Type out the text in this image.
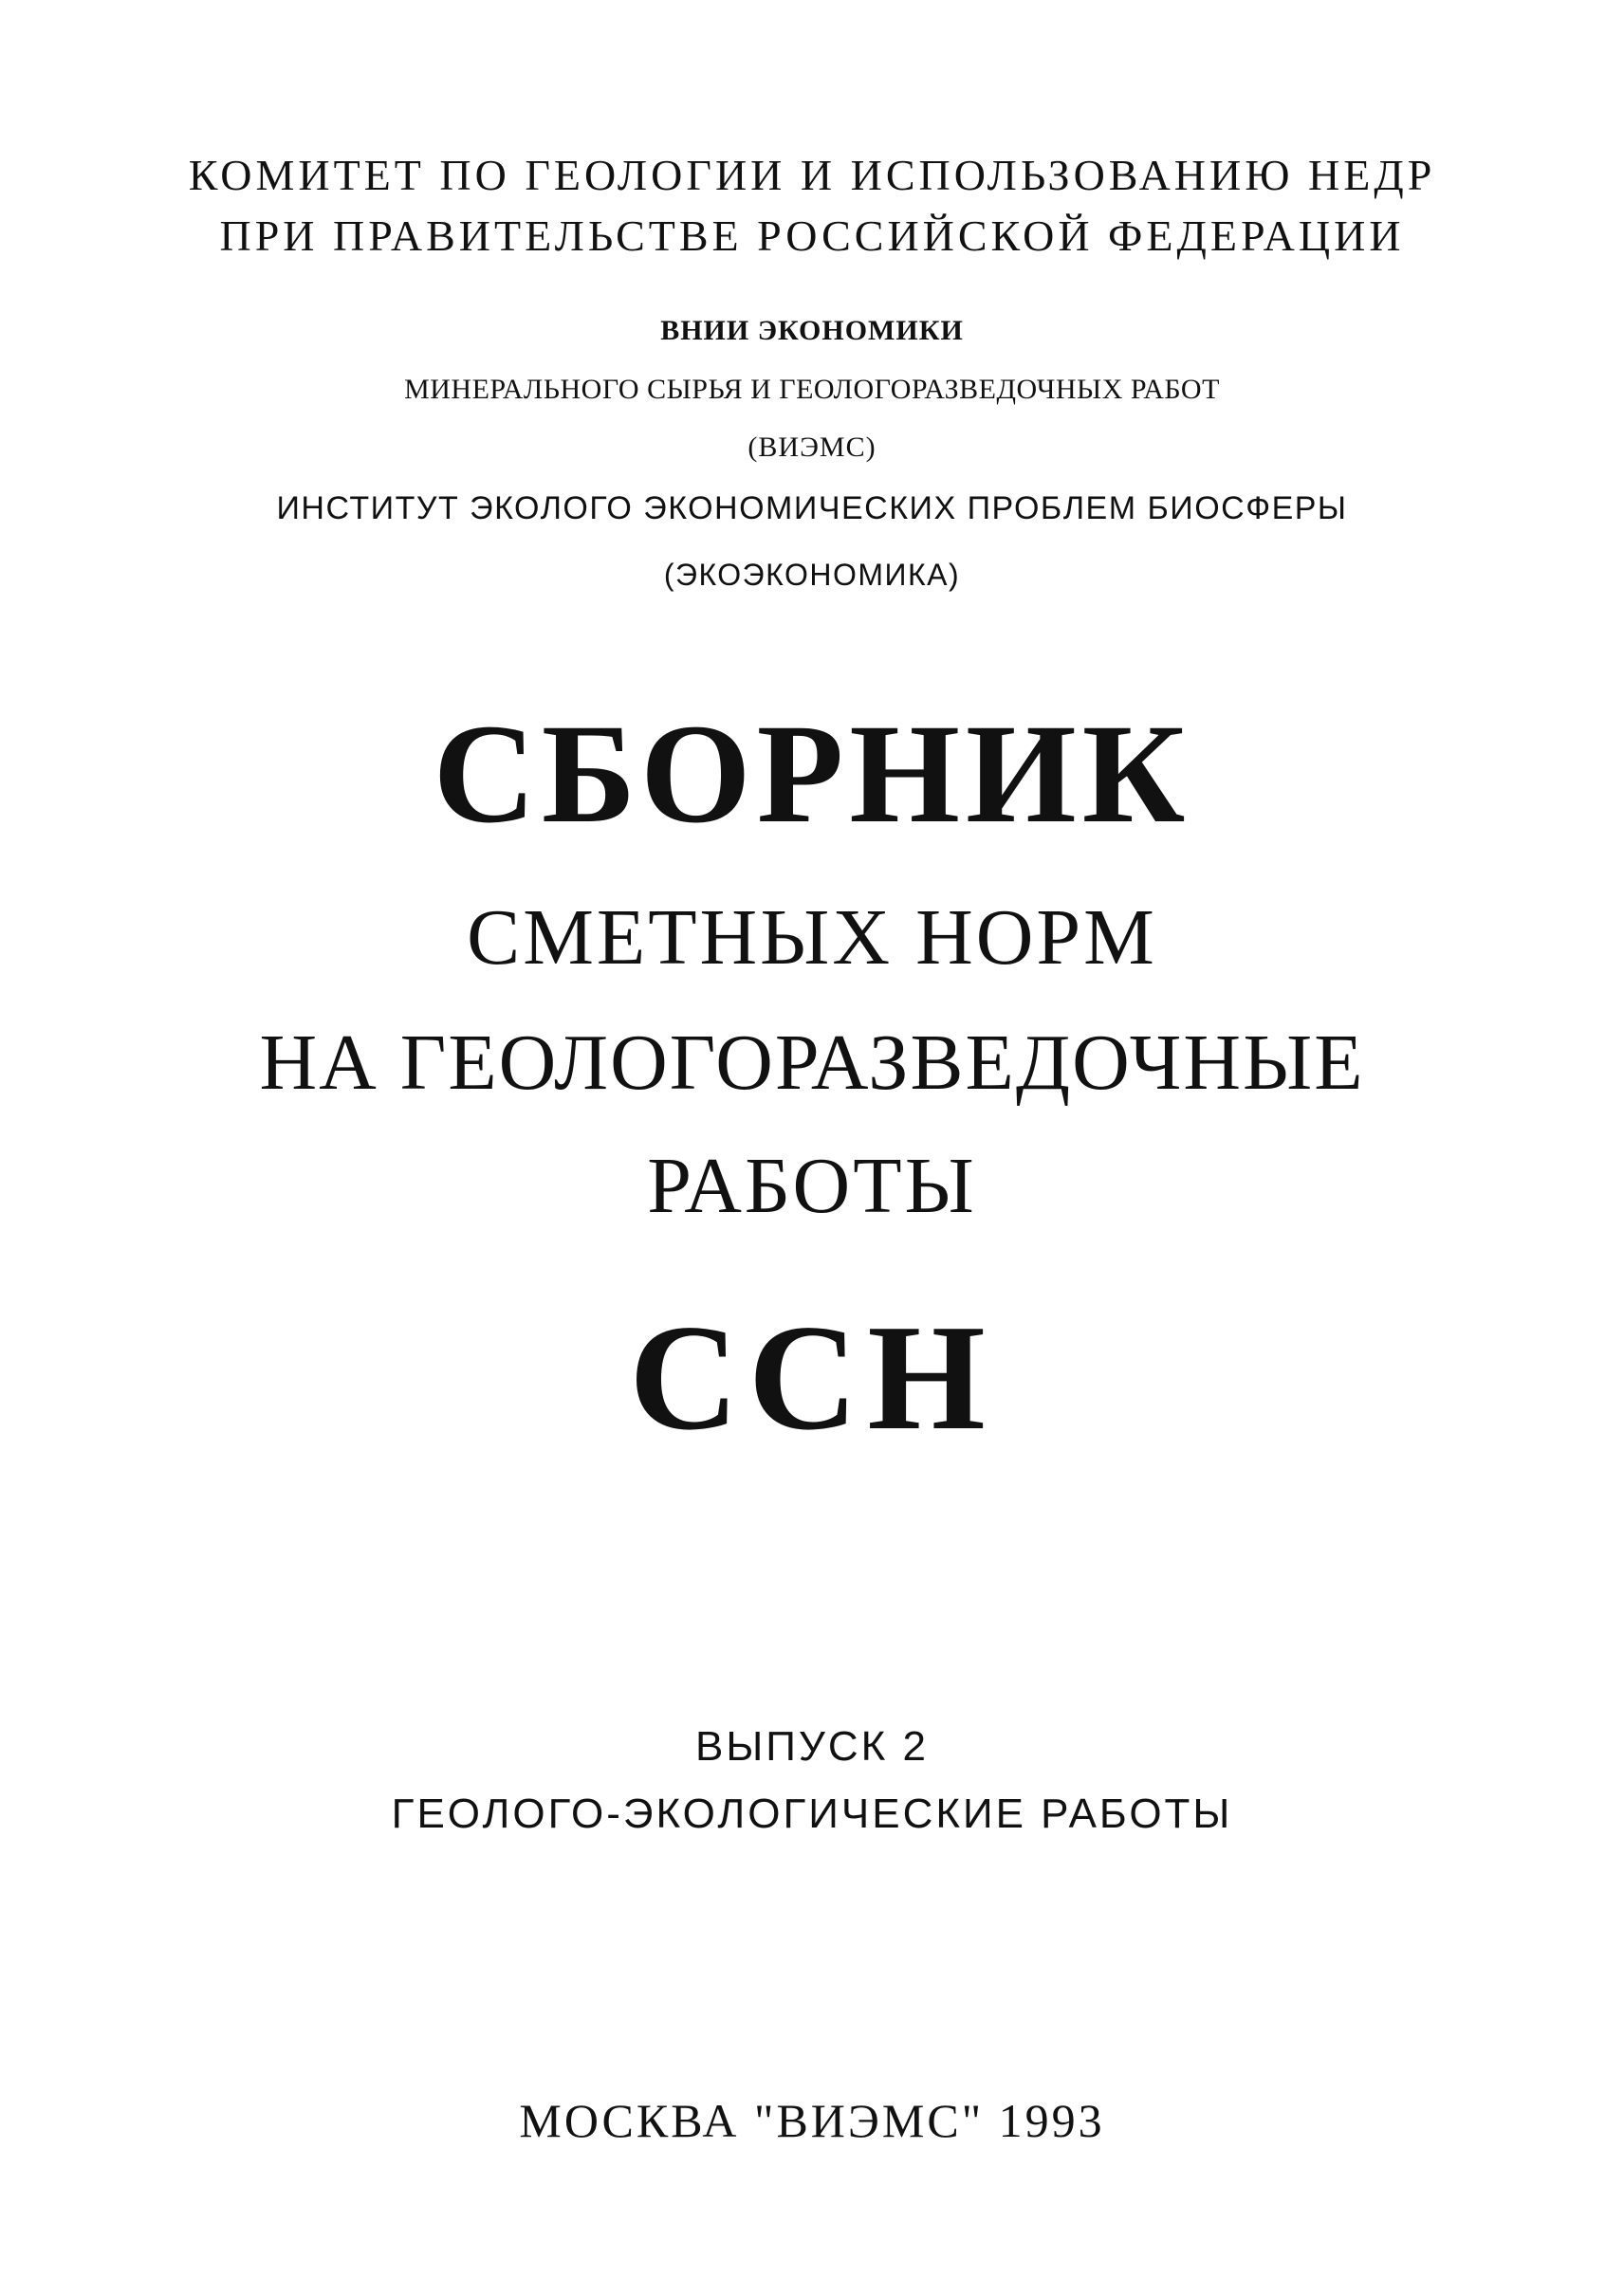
КОМИТЕТ ПО ГЕОЛОГИИ И ИСПОЛЬЗОВАНИЮ НЕДР
ПРИ ПРАВИТЕЛЬСТВЕ РОССИЙСКОЙ ФЕДЕРАЦИИ
ВНИИ ЭКОНОМИКИ
МИНЕРАЛЬНОГО СЫРЬЯ И ГЕОЛОГОРАЗВЕДОЧНЫХ РАБОТ
(ВИЭМС)
ИНСТИТУТ ЭКОЛОГО ЭКОНОМИЧЕСКИХ ПРОБЛЕМ БИОСФЕРЫ
(ЭКОЭКОНОМИКА)
СБОРНИК
СМЕТНЫХ НОРМ
НА ГЕОЛОГОРАЗВЕДОЧНЫЕ
РАБОТЫ
ССН
ВЫПУСК 2
ГЕОЛОГО-ЭКОЛОГИЧЕСКИЕ РАБОТЫ
МОСКВА "ВИЭМС" 1993
